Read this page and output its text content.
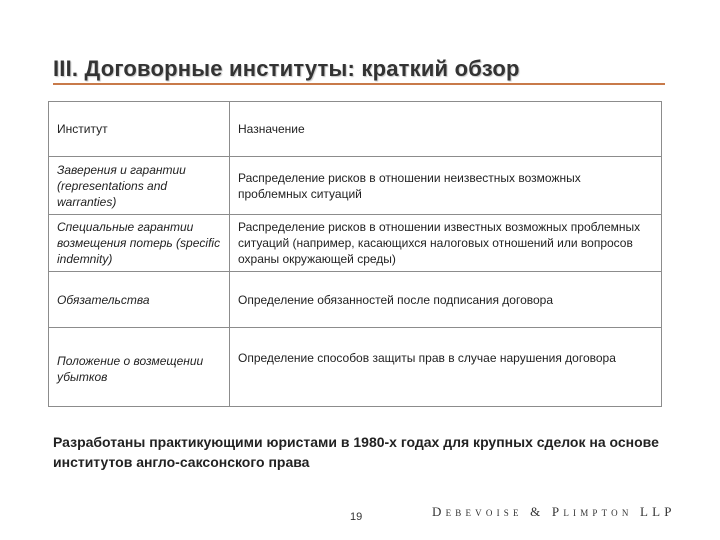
III. Договорные институты: краткий обзор
Институт	Назначение
Заверения и гарантии (representations and warranties)	Распределение рисков в отношении неизвестных возможных проблемных ситуаций
Специальные гарантии возмещения потерь (specific indemnity)	Распределение рисков в отношении известных возможных проблемных ситуаций (например, касающихся налоговых отношений или вопросов охраны окружающей среды)
Обязательства	Определение обязанностей после подписания договора
Положение о возмещении убытков	Определение способов защиты прав в случае нарушения договора

Разработаны практикующими юристами в 1980-х годах для крупных сделок на основе институтов англо-саксонского права

19	Debevoise & Plimpton LLP
